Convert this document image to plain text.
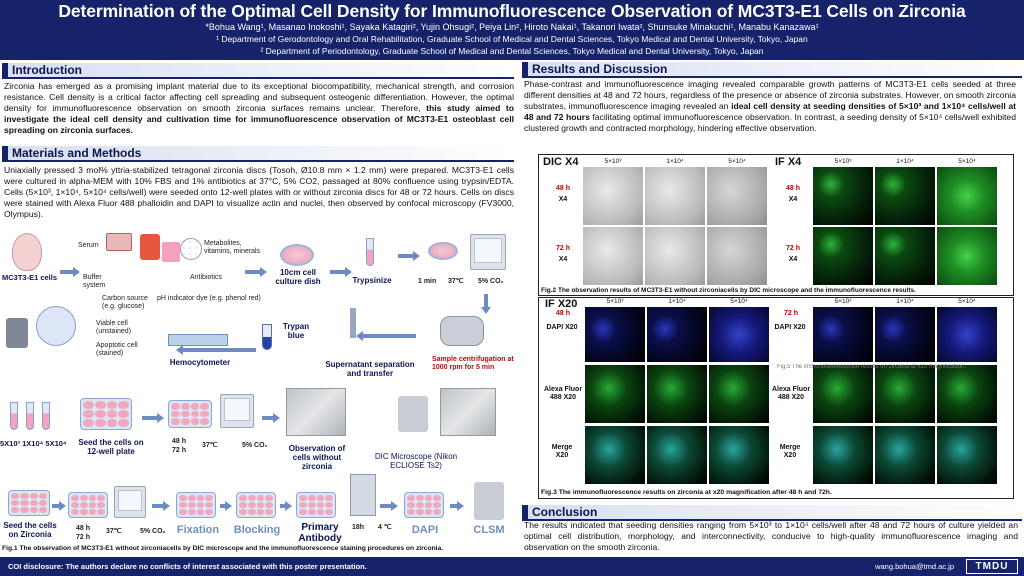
Determination of the Optimal Cell Density for Immunofluorescence Observation of MC3T3-E1 Cells on Zirconia
*Bohua Wang¹, Masanao Inokoshi¹, Sayaka Katagiri², Yujin Ohsugi², Peiya Lin², Hiroto Nakai¹, Takanori Iwata², Shunsuke Minakuchi¹, Manabu Kanazawa¹
¹ Department of Gerodontology and Oral Rehabilitation, Graduate School of Medical and Dental Sciences, Tokyo Medical and Dental University, Tokyo, Japan
² Department of Periodontology, Graduate School of Medical and Dental Sciences, Tokyo Medical and Dental University, Tokyo, Japan
Introduction
Zirconia has emerged as a promising implant material due to its exceptional biocompatibility, mechanical strength, and corrosion resistance. Cell density is a critical factor affecting cell spreading and subsequent osteogenic differentiation. However, the optimal density for immunofluorescence observation on smooth zirconia surfaces remains unclear. Therefore, this study aimed to investigate the ideal cell density and cultivation time for immunofluorescence observation of MC3T3-E1 osteoblast cell spreading on zirconia surfaces.
Materials and Methods
Uniaxially pressed 3 mol% yttria-stabilized tetragonal zirconia discs (Tosoh, Ø10.8 mm × 1.2 mm) were prepared. MC3T3-E1 cells were cultured in alpha-MEM with 10% FBS and 1% antibiotics at 37°C, 5% CO2, passaged at 80% confluence using trypsin/EDTA. Cells (5×10³, 1×10⁴, 5×10⁴ cells/well) were seeded onto 12-well plates with or without zirconia discs for 48 or 72 hours. Cells on discs were stained with Alexa Fluor 488 phalloidin and DAPI to visualize actin and nuclei, then observed by confocal microscopy (FV3000, Olympus).
MC3T3-E1 cells
Serum
Buffer system
Carbon source (e.g. glucose)
pH indicator dye (e.g. phenol red)
Metabolites, vitamins, minerals
Antibiotics
10cm cell culture dish	Trypsinize	1 min 37℃ 5% CO₂
Viable cell (unstained)
Apoptotic cell (stained)
Hemocytometer
Trypan blue
Supernatant separation and transfer
Sample centrifugation at 1000 rpm for 5 min
5X10³ 1X10⁴ 5X10⁴	Seed the cells on 12-well plate
48 h
72 h
37℃	5% CO₂	Observation of cells without zirconia
DIC Microscope (Nikon ECLIOSE Ts2)
Seed the cells on Zirconia
48 h
72 h
37℃	5% CO₂	Fixation	Blocking	Primary Antibody
18h 4 ℃	DAPI	CLSM
Fig.1 The observation of MC3T3-E1 without zirconiacells by DIC microscope and the immunofluorescence staining procedures on zirconia.
Results and Discussion
Phase-contrast and immunofluorescence imaging revealed comparable growth patterns of MC3T3-E1 cells seeded at three different densities at 48 and 72 hours, regardless of the presence or absence of zirconia substrates. However, on smooth zirconia substrates, immunofluorescence imaging revealed an ideal cell density at seeding densities of 5×10³ and 1×10⁴ cells/well at 48 and 72 hours facilitating optimal immunofluorescence observation. In contrast, a seeding density of 5×10⁴ cells/well exhibited clustered growth and contracted morphology, hindering effective observation.
DIC X4	IF X4
5×10³	1×10⁴	5×10⁴	5×10³	1×10⁴	5×10⁴
48 h
X4
72 h
X4
48 h
X4
72 h
X4
Fig.2 The observation results of MC3T3-E1 without zirconiacells by DIC microscope and the immunofluorescence results.
IF X20	5×10³	1×10⁴	5×10⁴	5×10³	1×10⁴	5×10⁴
48 h	72 h
DAPI X20
Alexa Fluor 488 X20
Merge X20
DAPI X20
Alexa Fluor 488 X20
Merge X20
Fig.5 The immunofluorescence results on zirconia at x20 magnification.
Fig.3 The immunofluorescence results on zirconia at x20 magnification after 48 h and 72h.
Conclusion
The results indicated that seeding densities ranging from 5×10³ to 1×10⁴ cells/well after 48 and 72 hours of culture yielded an optimal cell distribution, morphology, and interconnectivity, conducive to high-quality immunofluorescence imaging and observation on the smooth zirconia.
COI disclosure: The authors declare no conflicts of interest associated with this poster presentation.	wang.bohua@tmd.ac.jp	TMDU
